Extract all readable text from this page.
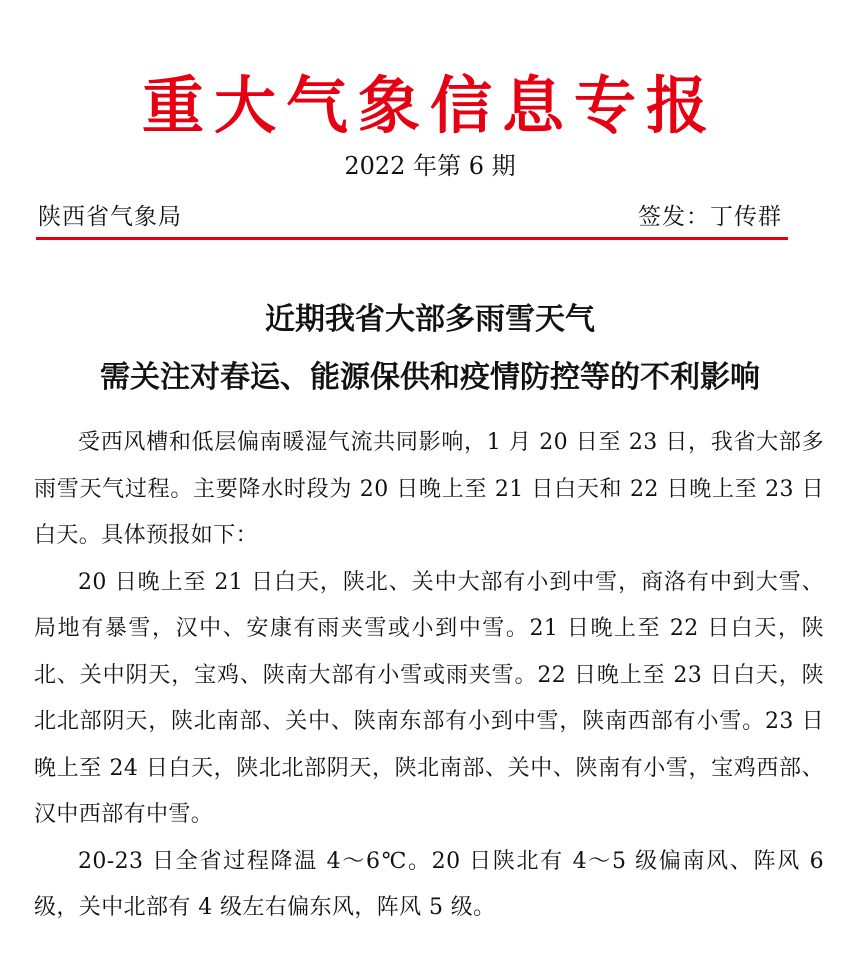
重大气象信息专报
2022 年第 6 期
陕西省气象局	签发：丁传群
近期我省大部多雨雪天气
需关注对春运、能源保供和疫情防控等的不利影响

受西风槽和低层偏南暖湿气流共同影响，1 月 20 日至 23 日，我省大部多雨雪天气过程。主要降水时段为 20 日晚上至 21 日白天和 22 日晚上至 23 日白天。具体预报如下：

20 日晚上至 21 日白天，陕北、关中大部有小到中雪，商洛有中到大雪、局地有暴雪，汉中、安康有雨夹雪或小到中雪。21 日晚上至 22 日白天，陕北、关中阴天，宝鸡、陕南大部有小雪或雨夹雪。22 日晚上至 23 日白天，陕北北部阴天，陕北南部、关中、陕南东部有小到中雪，陕南西部有小雪。23 日晚上至 24 日白天，陕北北部阴天，陕北南部、关中、陕南有小雪，宝鸡西部、汉中西部有中雪。

20-23 日全省过程降温 4～6℃。20 日陕北有 4～5 级偏南风、阵风 6 级，关中北部有 4 级左右偏东风，阵风 5 级。
